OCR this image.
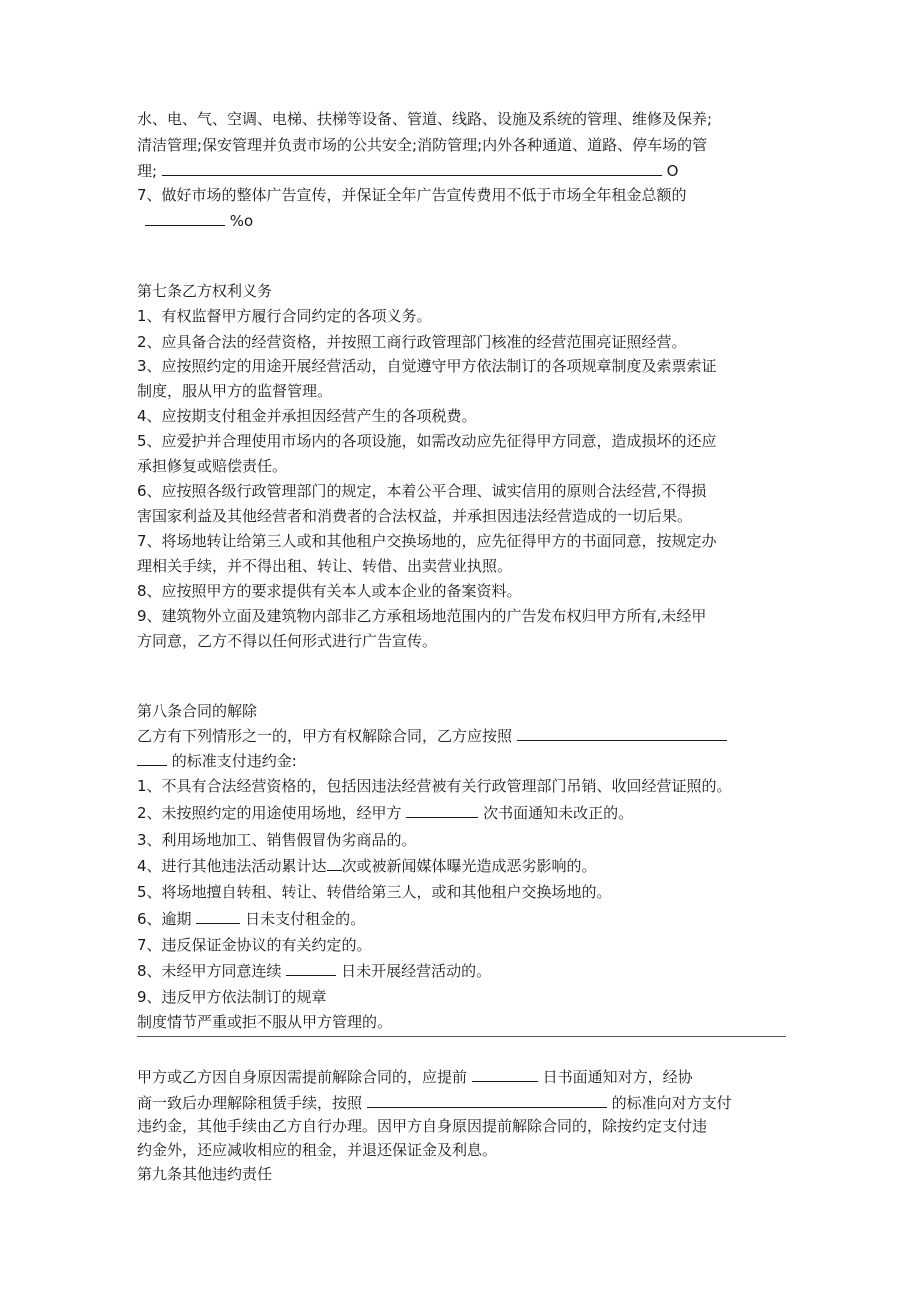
水、电、气、空调、电梯、扶梯等设备、管道、线路、设施及系统的管理、维修及保养;
清洁管理;保安管理并负责市场的公共安全;消防管理;内外各种通道、道路、停车场的管
理;	O
7、做好市场的整体广告宣传，并保证全年广告宣传费用不低于市场全年租金总额的
%o
第七条乙方权利义务
1、有权监督甲方履行合同约定的各项义务。
2、应具备合法的经营资格，并按照工商行政管理部门核准的经营范围亮证照经营。
3、应按照约定的用途开展经营活动，自觉遵守甲方依法制订的各项规章制度及索票索证
制度，服从甲方的监督管理。
4、应按期支付租金并承担因经营产生的各项税费。
5、应爱护并合理使用市场内的各项设施，如需改动应先征得甲方同意，造成损坏的还应
承担修复或赔偿责任。
6、应按照各级行政管理部门的规定，本着公平合理、诚实信用的原则合法经营,不得损
害国家利益及其他经营者和消费者的合法权益，并承担因违法经营造成的一切后果。
7、将场地转让给第三人或和其他租户交换场地的，应先征得甲方的书面同意，按规定办
理相关手续，并不得出租、转让、转借、出卖营业执照。
8、应按照甲方的要求提供有关本人或本企业的备案资料。
9、建筑物外立面及建筑物内部非乙方承租场地范围内的广告发布权归甲方所有,未经甲
方同意，乙方不得以任何形式进行广告宣传。
第八条合同的解除
乙方有下列情形之一的，甲方有权解除合同，乙方应按照
的标准支付违约金:
1、不具有合法经营资格的，包括因违法经营被有关行政管理部门吊销、收回经营证照的。
2、未按照约定的用途使用场地，经甲方	次书面通知未改正的。
3、利用场地加工、销售假冒伪劣商品的。
4、进行其他违法活动累计达 次或被新闻媒体曝光造成恶劣影响的。
5、将场地擅自转租、转让、转借给第三人，或和其他租户交换场地的。
6、逾期	日未支付租金的。
7、违反保证金协议的有关约定的。
8、未经甲方同意连续	日未开展经营活动的。
9、违反甲方依法制订的规章
制度情节严重或拒不服从甲方管理的。
甲方或乙方因自身原因需提前解除合同的，应提前	日书面通知对方，经协
商一致后办理解除租赁手续，按照	的标准向对方支付
违约金，其他手续由乙方自行办理。因甲方自身原因提前解除合同的，除按约定支付违
约金外，还应减收相应的租金，并退还保证金及利息。
第九条其他违约责任
